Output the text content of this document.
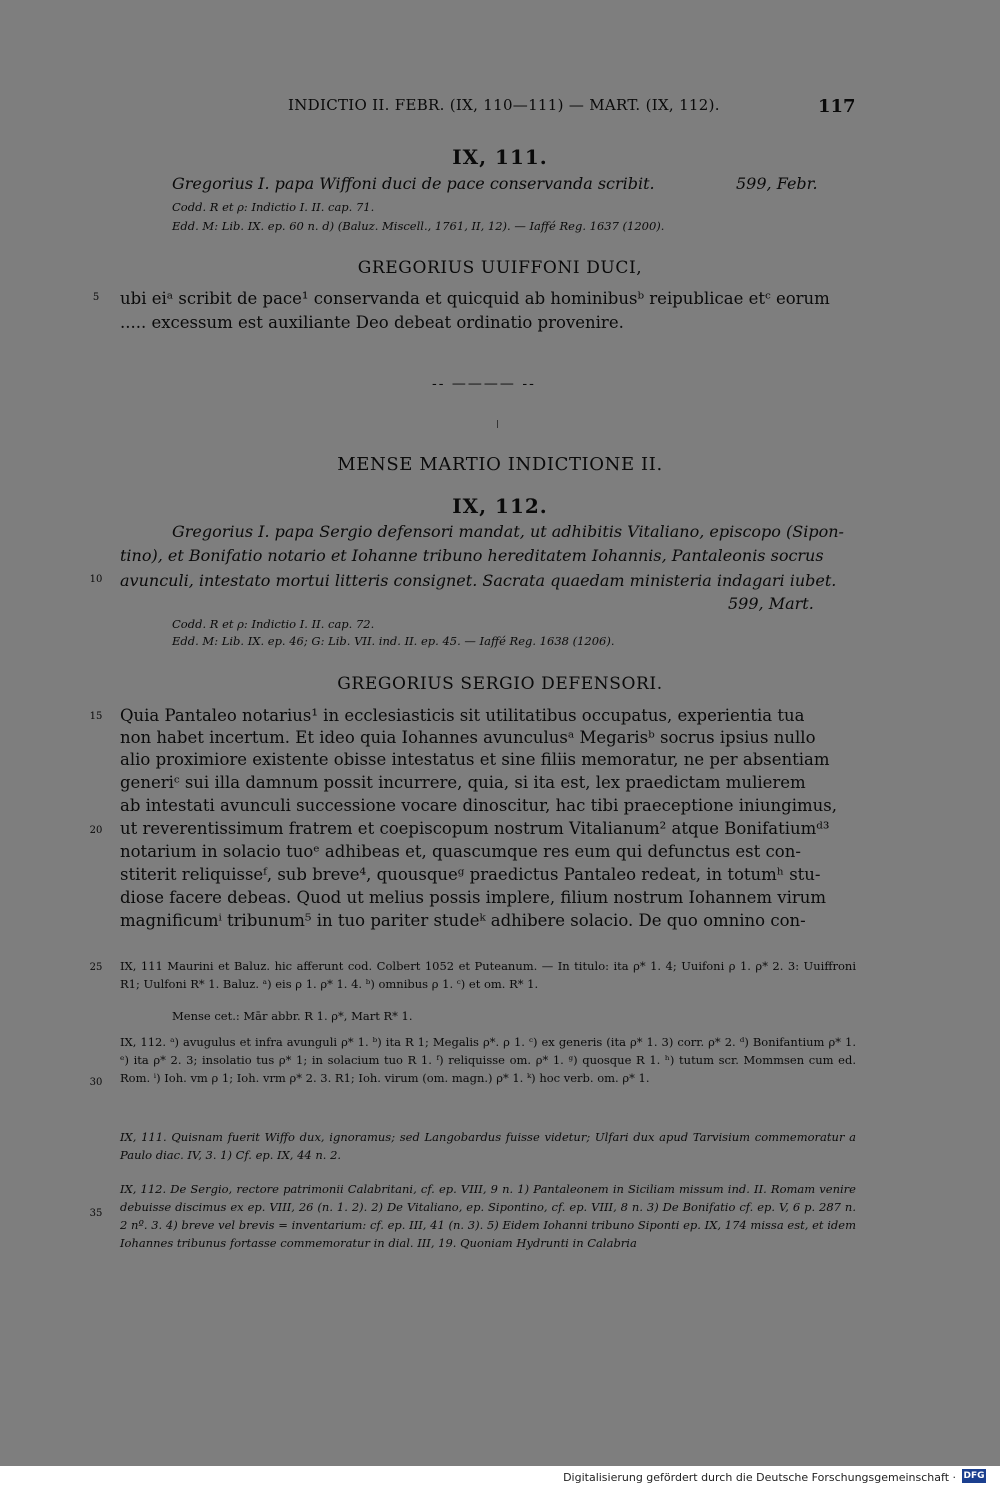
INDICTIO II. FEBR. (IX, 110—111) — MART. (IX, 112).	117
IX, 111.
Gregorius I. papa Wiffoni duci de pace conservanda scribit.	599, Febr.
Codd. R et ρ: Indictio I. II. cap. 71.
Edd. M: Lib. IX. ep. 60 n. d) (Baluz. Miscell., 1761, II, 12). — Iaffé Reg. 1637 (1200).
GREGORIUS UUIFFONI DUCI,
5	ubi eiᵃ scribit de pace¹ conservanda et quicquid ab hominibusᵇ reipublicae etᶜ eorum
..... excessum est auxiliante Deo debeat ordinatio provenire.
-- ———— --
MENSE MARTIO INDICTIONE II.
IX, 112.
Gregorius I. papa Sergio defensori mandat, ut adhibitis Vitaliano, episcopo (Sipon-
tino), et Bonifatio notario et Iohanne tribuno hereditatem Iohannis, Pantaleonis socrus
10 avunculi, intestato mortui litteris consignet. Sacrata quaedam ministeria indagari iubet.
599, Mart.
Codd. R et ρ: Indictio I. II. cap. 72.
Edd. M: Lib. IX. ep. 46; G: Lib. VII. ind. II. ep. 45. — Iaffé Reg. 1638 (1206).
GREGORIUS SERGIO DEFENSORI.
15 Quia Pantaleo notarius¹ in ecclesiasticis sit utilitatibus occupatus, experientia tua
non habet incertum. Et ideo quia Iohannes avunculusᵃ Megarisᵇ socrus ipsius nullo
alio proximiore existente obisse intestatus et sine filiis memoratur, ne per absentiam
generiᶜ sui illa damnum possit incurrere, quia, si ita est, lex praedictam mulierem
ab intestati avunculi successione vocare dinoscitur, hac tibi praeceptione iniungimus,
20 ut reverentissimum fratrem et coepiscopum nostrum Vitalianum² atque Bonifatiumᵈ³
notarium in solacio tuoᵉ adhibeas et, quascumque res eum qui defunctus est con-
stiterit reliquisseᶠ, sub breve⁴, quousqueᵍ praedictus Pantaleo redeat, in totumʰ stu-
diose facere debeas. Quod ut melius possis implere, filium nostrum Iohannem virum
magnificumⁱ tribunum⁵ in tuo pariter studeᵏ adhibere solacio. De quo omnino con-
25	IX, 111 Maurini et Baluz. hic afferunt cod. Colbert 1052 et Puteanum. — In titulo: ita ρ* 1. 4; Uuifoni ρ 1. ρ* 2. 3: Uuiffroni R1; Uulfoni R* 1. Baluz. ᵃ) eis ρ 1. ρ* 1. 4. ᵇ) omnibus ρ 1. ᶜ) et om. R* 1.
Mense cet.: Mār abbr. R 1. ρ*, Mart R* 1.
IX, 112. ᵃ) avugulus et infra avunguli ρ* 1. ᵇ) ita R 1; Megalis ρ*. ρ 1. ᶜ) ex generis (ita ρ* 1. 3) corr. ρ* 2. ᵈ) Bonifantium ρ* 1. ᵉ) ita ρ* 2. 3; insolatio tus ρ* 1; in solacium tuo R 1. ᶠ) reliquisse om. ρ* 1. ᵍ) quosque R 1. ʰ) tutum scr. Mommsen cum ed. Rom. ⁱ) Ioh. vm ρ 1; Ioh. vrm ρ* 2. 3. R1; Ioh. virum (om. magn.) ρ* 1. ᵏ) hoc verb. om. ρ* 1.
30
IX, 111. Quisnam fuerit Wiffo dux, ignoramus; sed Langobardus fuisse videtur; Ulfari dux apud Tarvisium commemoratur a Paulo diac. IV, 3. 1) Cf. ep. IX, 44 n. 2.
IX, 112. De Sergio, rectore patrimonii Calabritani, cf. ep. VIII, 9 n. 1) Pantaleonem in Siciliam missum ind. II. Romam venire debuisse discimus ex ep. VIII, 26 (n. 1. 2). 2) De Vitaliano, ep. Sipontino, cf. ep. VIII, 8 n. 3) De Bonifatio cf. ep. V, 6 p. 287 n. 2 nº. 3. 4) breve vel brevis = inventarium: cf. ep. III, 41 (n. 3). 5) Eidem Iohanni tribuno Siponti ep. IX, 174 missa est, et idem Iohannes tribunus fortasse commemoratur in dial. III, 19. Quoniam Hydrunti in Calabria
35
Digitalisierung gefördert durch die Deutsche Forschungsgemeinschaft · DFG
